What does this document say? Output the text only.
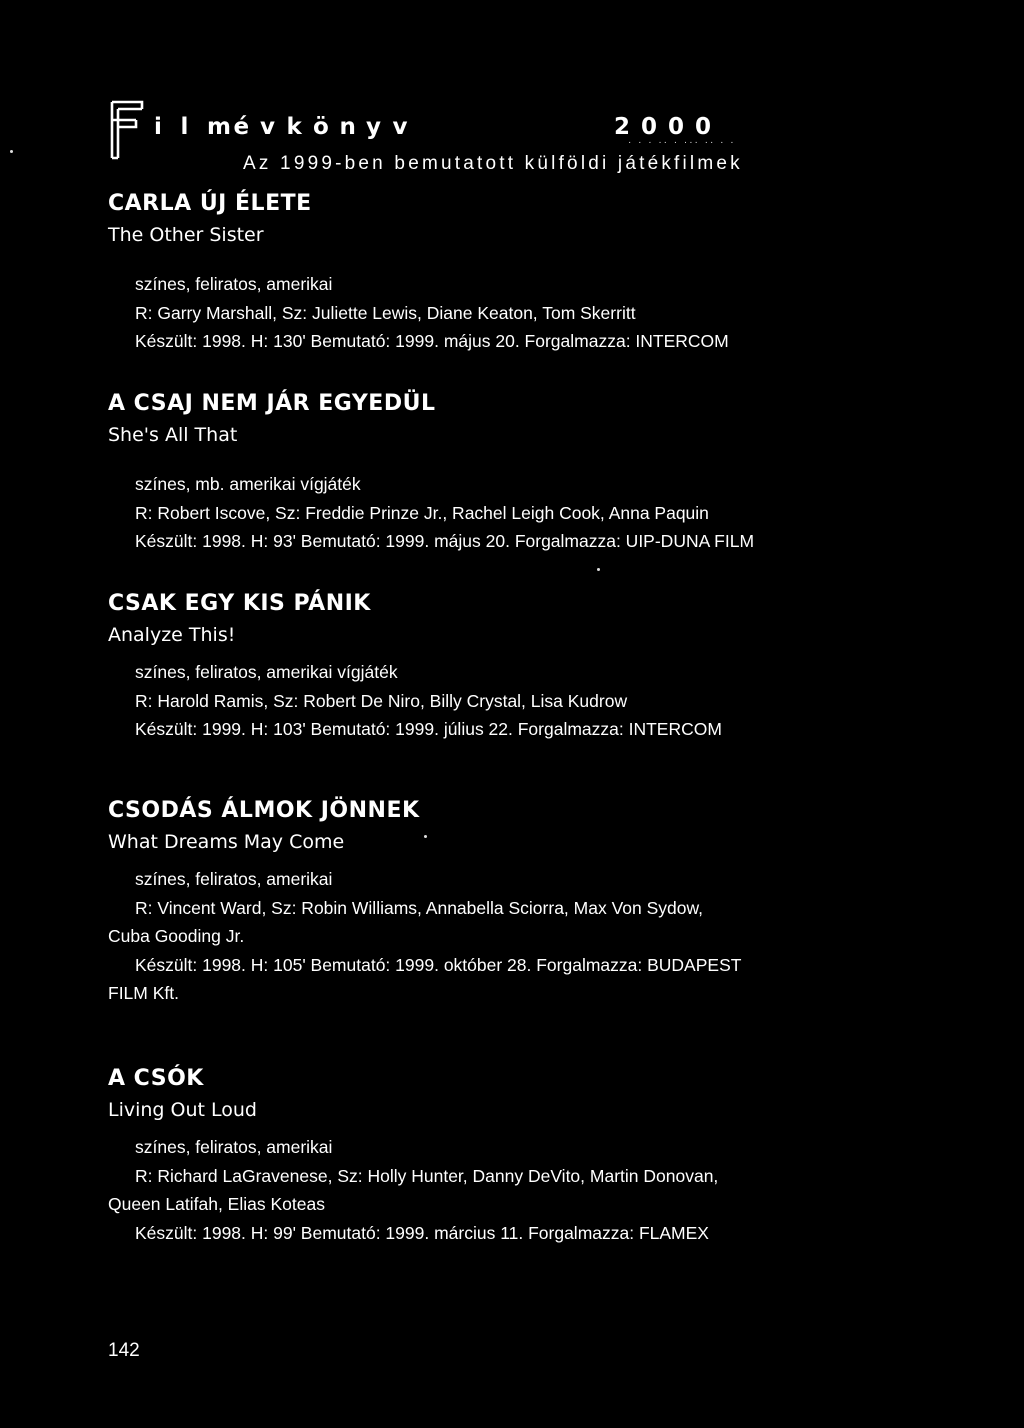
i l m é v k ö n y v	2 0 0 0
· · · ·· · ··· ·· · ·
Az 1999-ben bemutatott külföldi játékfilmek
CARLA ÚJ ÉLETE
The Other Sister
színes, feliratos, amerikai
R: Garry Marshall, Sz: Juliette Lewis, Diane Keaton, Tom Skerritt
Készült: 1998. H: 130' Bemutató: 1999. május 20. Forgalmazza: INTERCOM
A CSAJ NEM JÁR EGYEDÜL
She's All That
színes, mb. amerikai vígjáték
R: Robert Iscove, Sz: Freddie Prinze Jr., Rachel Leigh Cook, Anna Paquin
Készült: 1998. H: 93' Bemutató: 1999. május 20. Forgalmazza: UIP-DUNA FILM
CSAK EGY KIS PÁNIK
Analyze This!
színes, feliratos, amerikai vígjáték
R: Harold Ramis, Sz: Robert De Niro, Billy Crystal, Lisa Kudrow
Készült: 1999. H: 103' Bemutató: 1999. július 22. Forgalmazza: INTERCOM
CSODÁS ÁLMOK JÖNNEK
What Dreams May Come
színes, feliratos, amerikai
R: Vincent Ward, Sz: Robin Williams, Annabella Sciorra, Max Von Sydow,
Cuba Gooding Jr.
Készült: 1998. H: 105' Bemutató: 1999. október 28. Forgalmazza: BUDAPEST
FILM Kft.
A CSÓK
Living Out Loud
színes, feliratos, amerikai
R: Richard LaGravenese, Sz: Holly Hunter, Danny DeVito, Martin Donovan,
Queen Latifah, Elias Koteas
Készült: 1998. H: 99' Bemutató: 1999. március 11. Forgalmazza: FLAMEX
142
